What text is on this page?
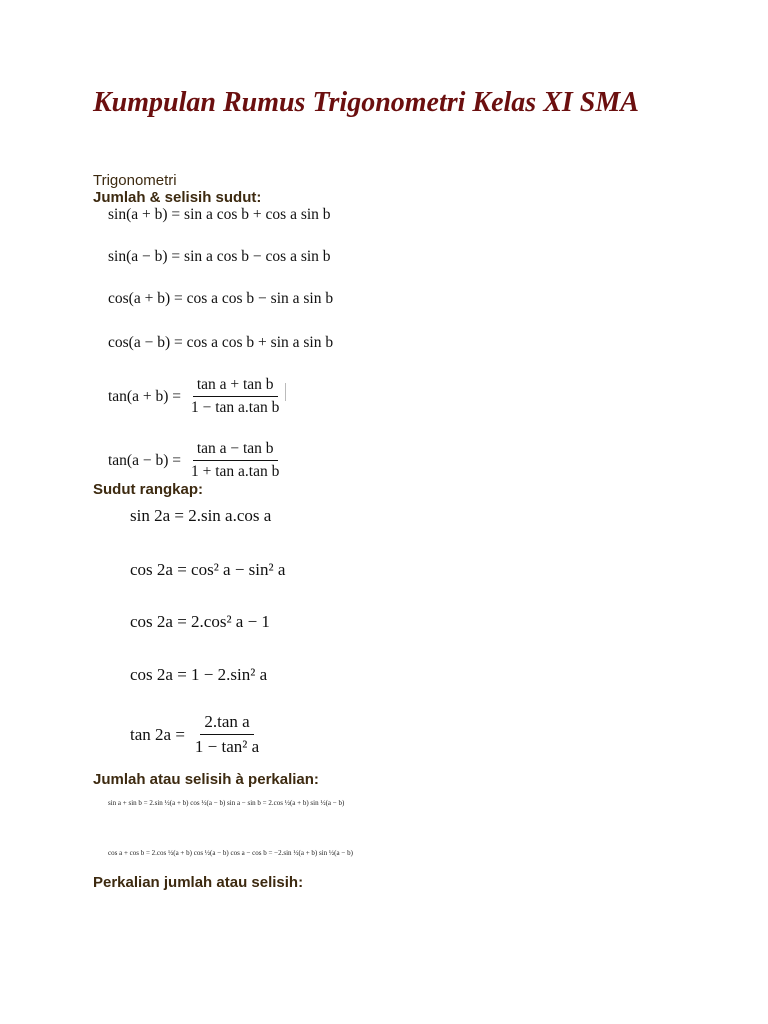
Kumpulan Rumus Trigonometri Kelas XI SMA

Trigonometri

Jumlah & selisih sudut:

sin(a + b) = sin a cos b + cos a sin b
sin(a − b) = sin a cos b − cos a sin b
cos(a + b) = cos a cos b − sin a sin b
cos(a − b) = cos a cos b + sin a sin b
$\tan(a + b) = \frac{\text{tan a + tan b}}{\text{1 − tan a.tan b}}$
$\tan(a - b) = \frac{\text{tan a − tan b}}{\text{1 + tan a.tan b}}$

Sudut rangkap:

sin 2a = 2.sin a.cos a
cos 2a = cos² a − sin² a
cos 2a = 2.cos² a − 1
cos 2a = 1 − 2.sin² a
$\tan 2a = \frac{\text{2.tan a}}{\text{1 − tan² a}}$

Jumlah atau selisih à perkalian:

sin a + sin b = 2.sin ½(a + b) cos ½(a − b) sin a − sin b = 2.cos ½(a + b) sin ½(a − b)
cos a + cos b = 2.cos ½(a + b) cos ½(a − b) cos a − cos b = −2.sin ½(a + b) sin ½(a − b)

Perkalian jumlah atau selisih:
